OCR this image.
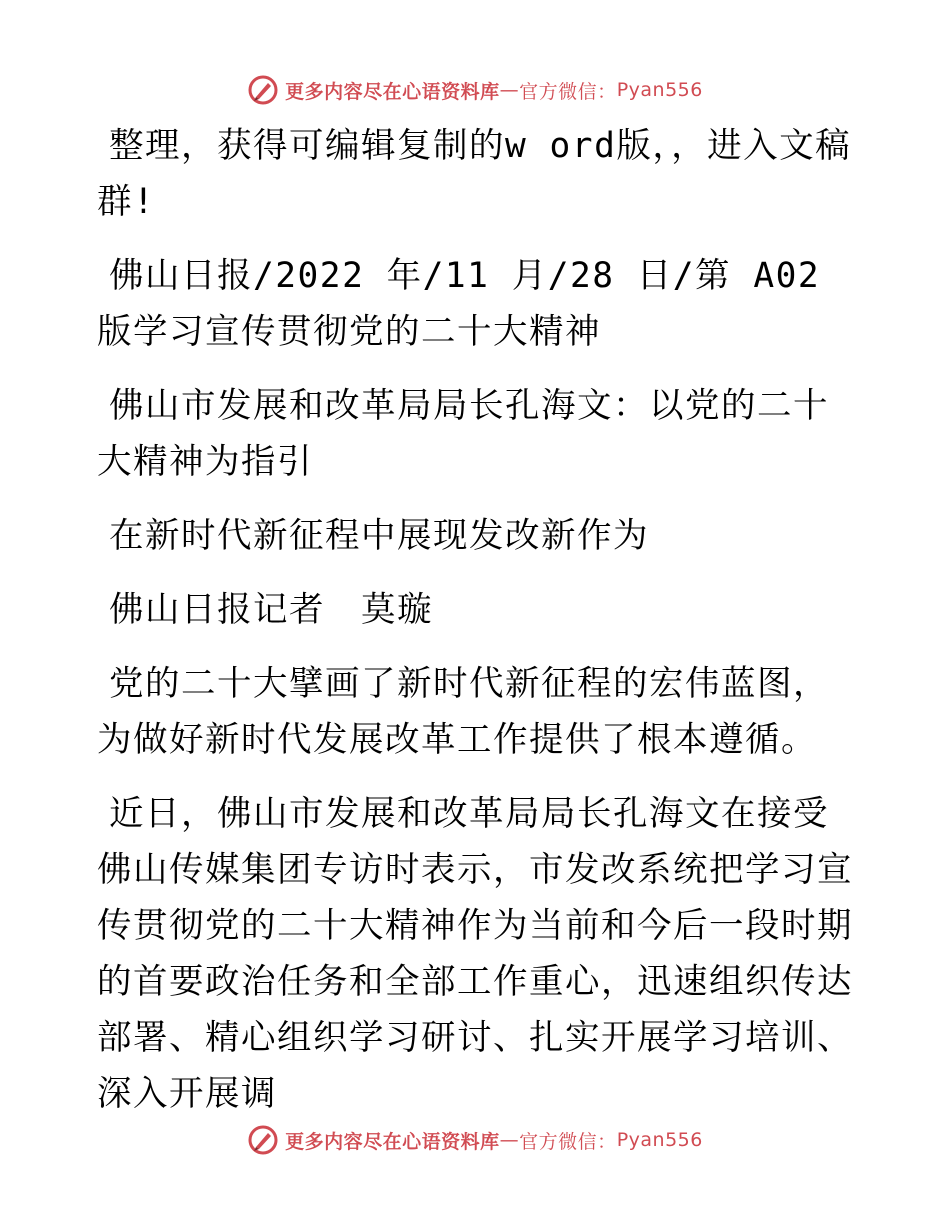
更多内容尽在心语资料库 — 官方微信： Pyan556

整理，获得可编辑复制的w ord版，，进入文稿群!

佛山日报/2022 年/11 月/28 日/第 A02 版学习宣传贯彻党的二十大精神

佛山市发展和改革局局长孔海文：以党的二十大精神为指引

在新时代新征程中展现发改新作为

佛山日报记者　莫璇

党的二十大擘画了新时代新征程的宏伟蓝图，为做好新时代发展改革工作提供了根本遵循。

近日，佛山市发展和改革局局长孔海文在接受佛山传媒集团专访时表示，市发改系统把学习宣传贯彻党的二十大精神作为当前和今后一段时期的首要政治任务和全部工作重心，迅速组织传达部署、精心组织学习研讨、扎实开展学习培训、深入开展调

更多内容尽在心语资料库 — 官方微信： Pyan556
